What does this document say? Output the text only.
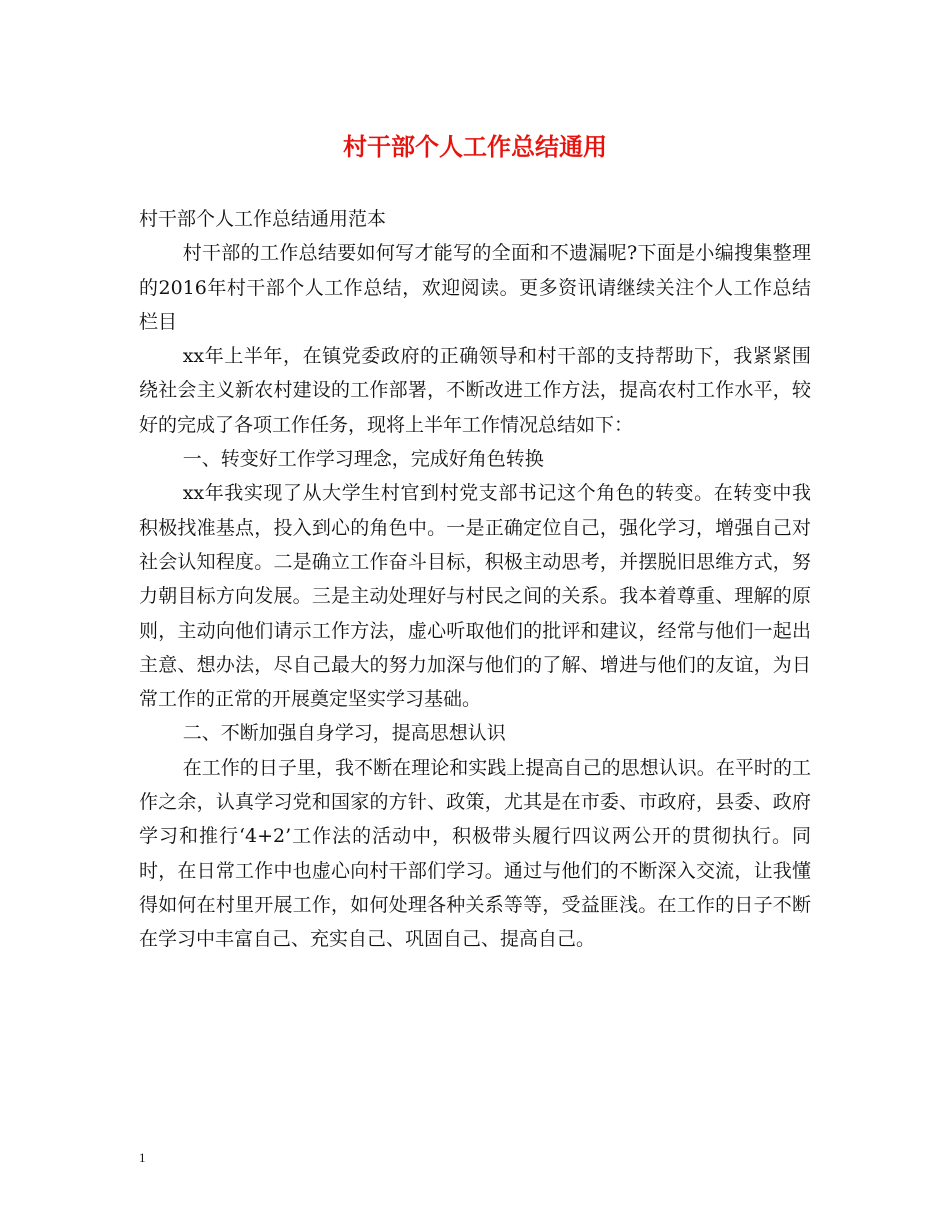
村干部个人工作总结通用

村干部个人工作总结通用范本

村干部的工作总结要如何写才能写的全面和不遗漏呢?下面是小编搜集整理的2016年村干部个人工作总结，欢迎阅读。更多资讯请继续关注个人工作总结栏目

xx年上半年，在镇党委政府的正确领导和村干部的支持帮助下，我紧紧围绕社会主义新农村建设的工作部署，不断改进工作方法，提高农村工作水平，较好的完成了各项工作任务，现将上半年工作情况总结如下：

一、转变好工作学习理念，完成好角色转换

xx年我实现了从大学生村官到村党支部书记这个角色的转变。在转变中我积极找准基点，投入到心的角色中。一是正确定位自己，强化学习，增强自己对社会认知程度。二是确立工作奋斗目标，积极主动思考，并摆脱旧思维方式，努力朝目标方向发展。三是主动处理好与村民之间的关系。我本着尊重、理解的原则，主动向他们请示工作方法，虚心听取他们的批评和建议，经常与他们一起出主意、想办法，尽自己最大的努力加深与他们的了解、增进与他们的友谊，为日常工作的正常的开展奠定坚实学习基础。

二、不断加强自身学习，提高思想认识

在工作的日子里，我不断在理论和实践上提高自己的思想认识。在平时的工作之余，认真学习党和国家的方针、政策，尤其是在市委、市政府，县委、政府学习和推行‘4+2’工作法的活动中，积极带头履行四议两公开的贯彻执行。同时，在日常工作中也虚心向村干部们学习。通过与他们的不断深入交流，让我懂得如何在村里开展工作，如何处理各种关系等等，受益匪浅。在工作的日子不断在学习中丰富自己、充实自己、巩固自己、提高自己。

1
